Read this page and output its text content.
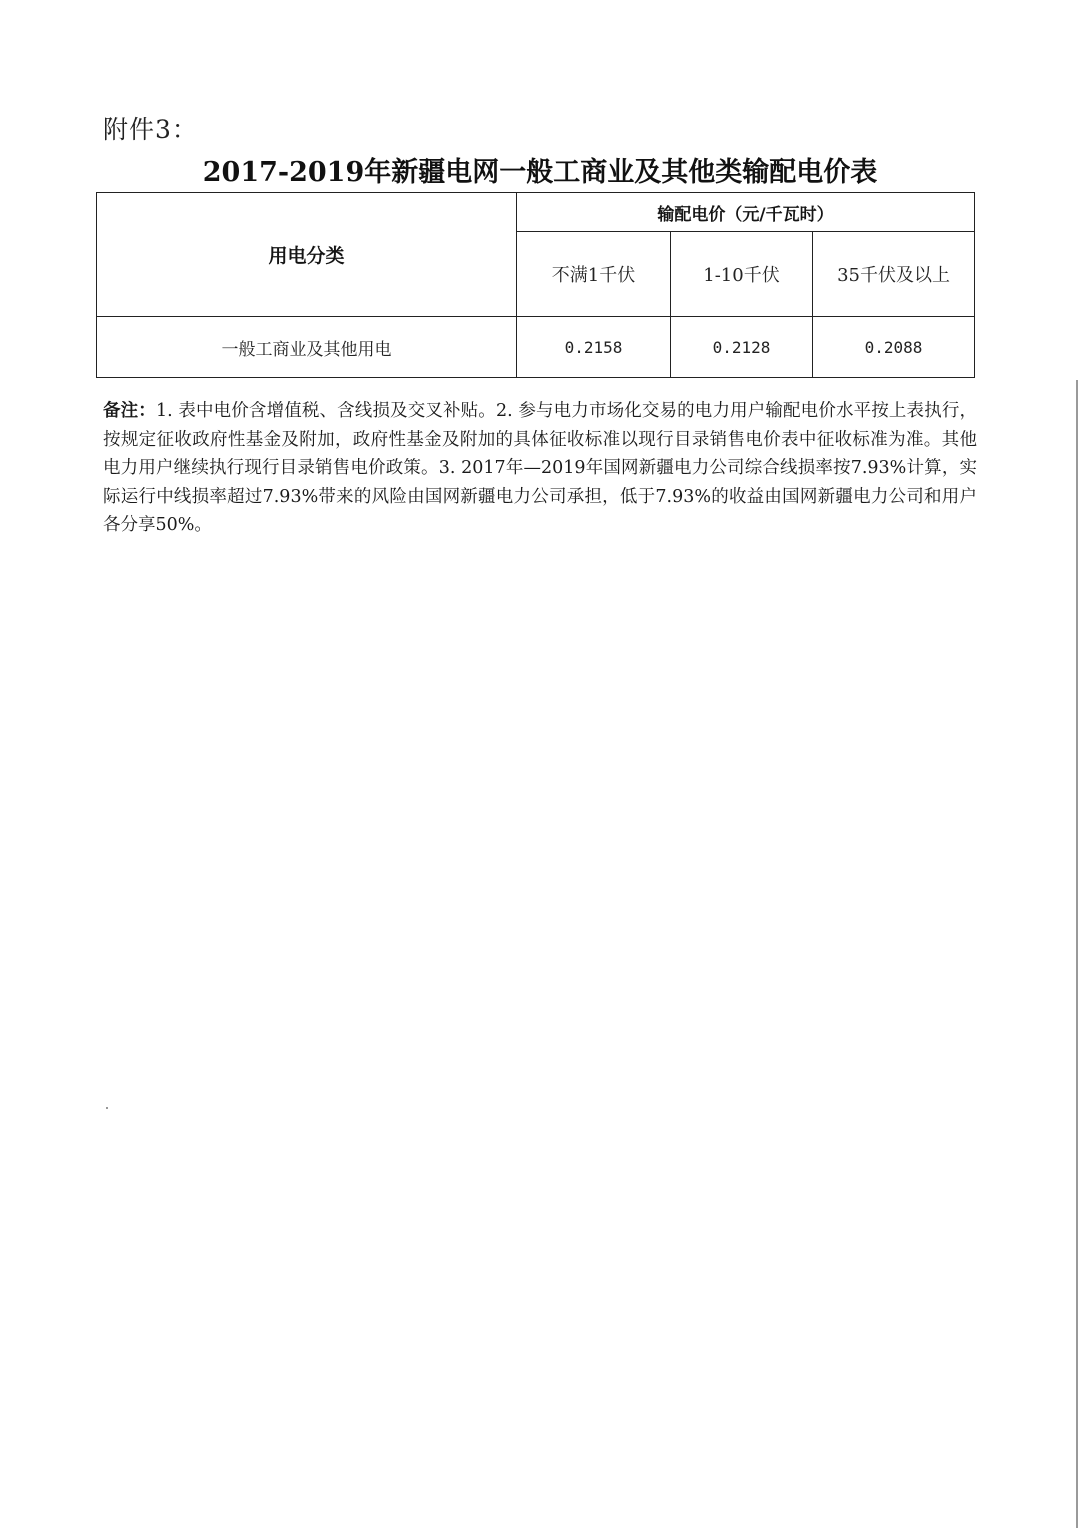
附件3：
2017-2019年新疆电网一般工商业及其他类输配电价表
用电分类	输配电价（元/千瓦时）		
	不满1千伏	1-10千伏	35千伏及以上
一般工商业及其他用电	0.2158	0.2128	0.2088
备注：1. 表中电价含增值税、含线损及交叉补贴。2. 参与电力市场化交易的电力用户输配电价水平按上表执行，按规定征收政府性基金及附加，政府性基金及附加的具体征收标准以现行目录销售电价表中征收标准为准。其他电力用户继续执行现行目录销售电价政策。3. 2017年—2019年国网新疆电力公司综合线损率按7.93%计算，实际运行中线损率超过7.93%带来的风险由国网新疆电力公司承担，低于7.93%的收益由国网新疆电力公司和用户各分享50%。
